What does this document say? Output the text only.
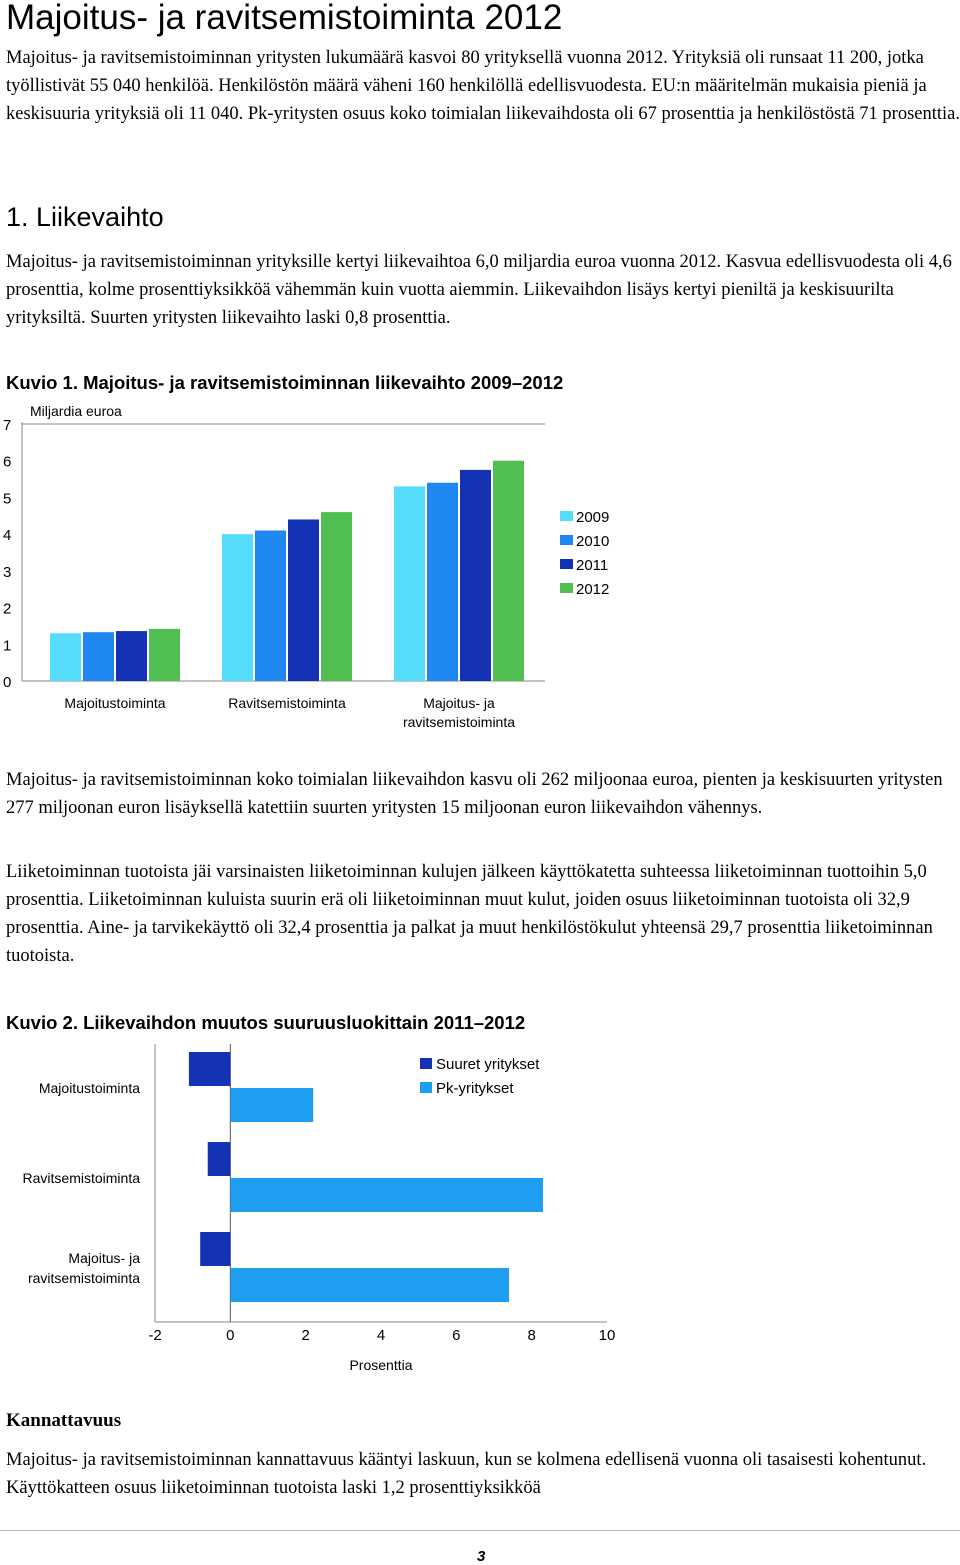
Majoitus- ja ravitsemistoiminta 2012

Majoitus- ja ravitsemistoiminnan yritysten lukumäärä kasvoi 80 yrityksellä vuonna 2012. Yrityksiä oli runsaat 11 200, jotka työllistivät 55 040 henkilöä. Henkilöstön määrä väheni 160 henkilöllä edellisvuodesta. EU:n määritelmän mukaisia pieniä ja keskisuuria yrityksiä oli 11 040. Pk-yritysten osuus koko toimialan liikevaihdosta oli 67 prosenttia ja henkilöstöstä 71 prosenttia.

1. Liikevaihto

Majoitus- ja ravitsemistoiminnan yrityksille kertyi liikevaihtoa 6,0 miljardia euroa vuonna 2012. Kasvua edellisvuodesta oli 4,6 prosenttia, kolme prosenttiyksikköä vähemmän kuin vuotta aiemmin. Liikevaihdon lisäys kertyi pieniltä ja keskisuurilta yrityksiltä. Suurten yritysten liikevaihto laski 0,8 prosenttia.

Kuvio 1. Majoitus- ja ravitsemistoiminnan liikevaihto 2009–2012
Miljardia euroa
0
1
2
3
4
5
6
7
Majoitustoiminta	Ravitsemistoiminta	Majoitus- ja
ravitsemistoiminta
2009
2010
2011
2012

Majoitus- ja ravitsemistoiminnan koko toimialan liikevaihdon kasvu oli 262 miljoonaa euroa, pienten ja keskisuurten yritysten 277 miljoonan euron lisäyksellä katettiin suurten yritysten 15 miljoonan euron liikevaihdon vähennys.

Liiketoiminnan tuotoista jäi varsinaisten liiketoiminnan kulujen jälkeen käyttökatetta suhteessa liiketoiminnan tuottoihin 5,0 prosenttia. Liiketoiminnan kuluista suurin erä oli liiketoiminnan muut kulut, joiden osuus liiketoiminnan tuotoista oli 32,9 prosenttia. Aine- ja tarvikekäyttö oli 32,4 prosenttia ja palkat ja muut henkilöstökulut yhteensä 29,7 prosenttia liiketoiminnan tuotoista.

Kuvio 2. Liikevaihdon muutos suuruusluokittain 2011–2012
-2	0	2	4	6	8	10
Prosenttia
Majoitustoiminta
Ravitsemistoiminta
Majoitus- ja
ravitsemistoiminta
Suuret yritykset
Pk-yritykset
Kannattavuus

Majoitus- ja ravitsemistoiminnan kannattavuus kääntyi laskuun, kun se kolmena edellisenä vuonna oli tasaisesti kohentunut. Käyttökatteen osuus liiketoiminnan tuotoista laski 1,2 prosenttiyksikköä

3
